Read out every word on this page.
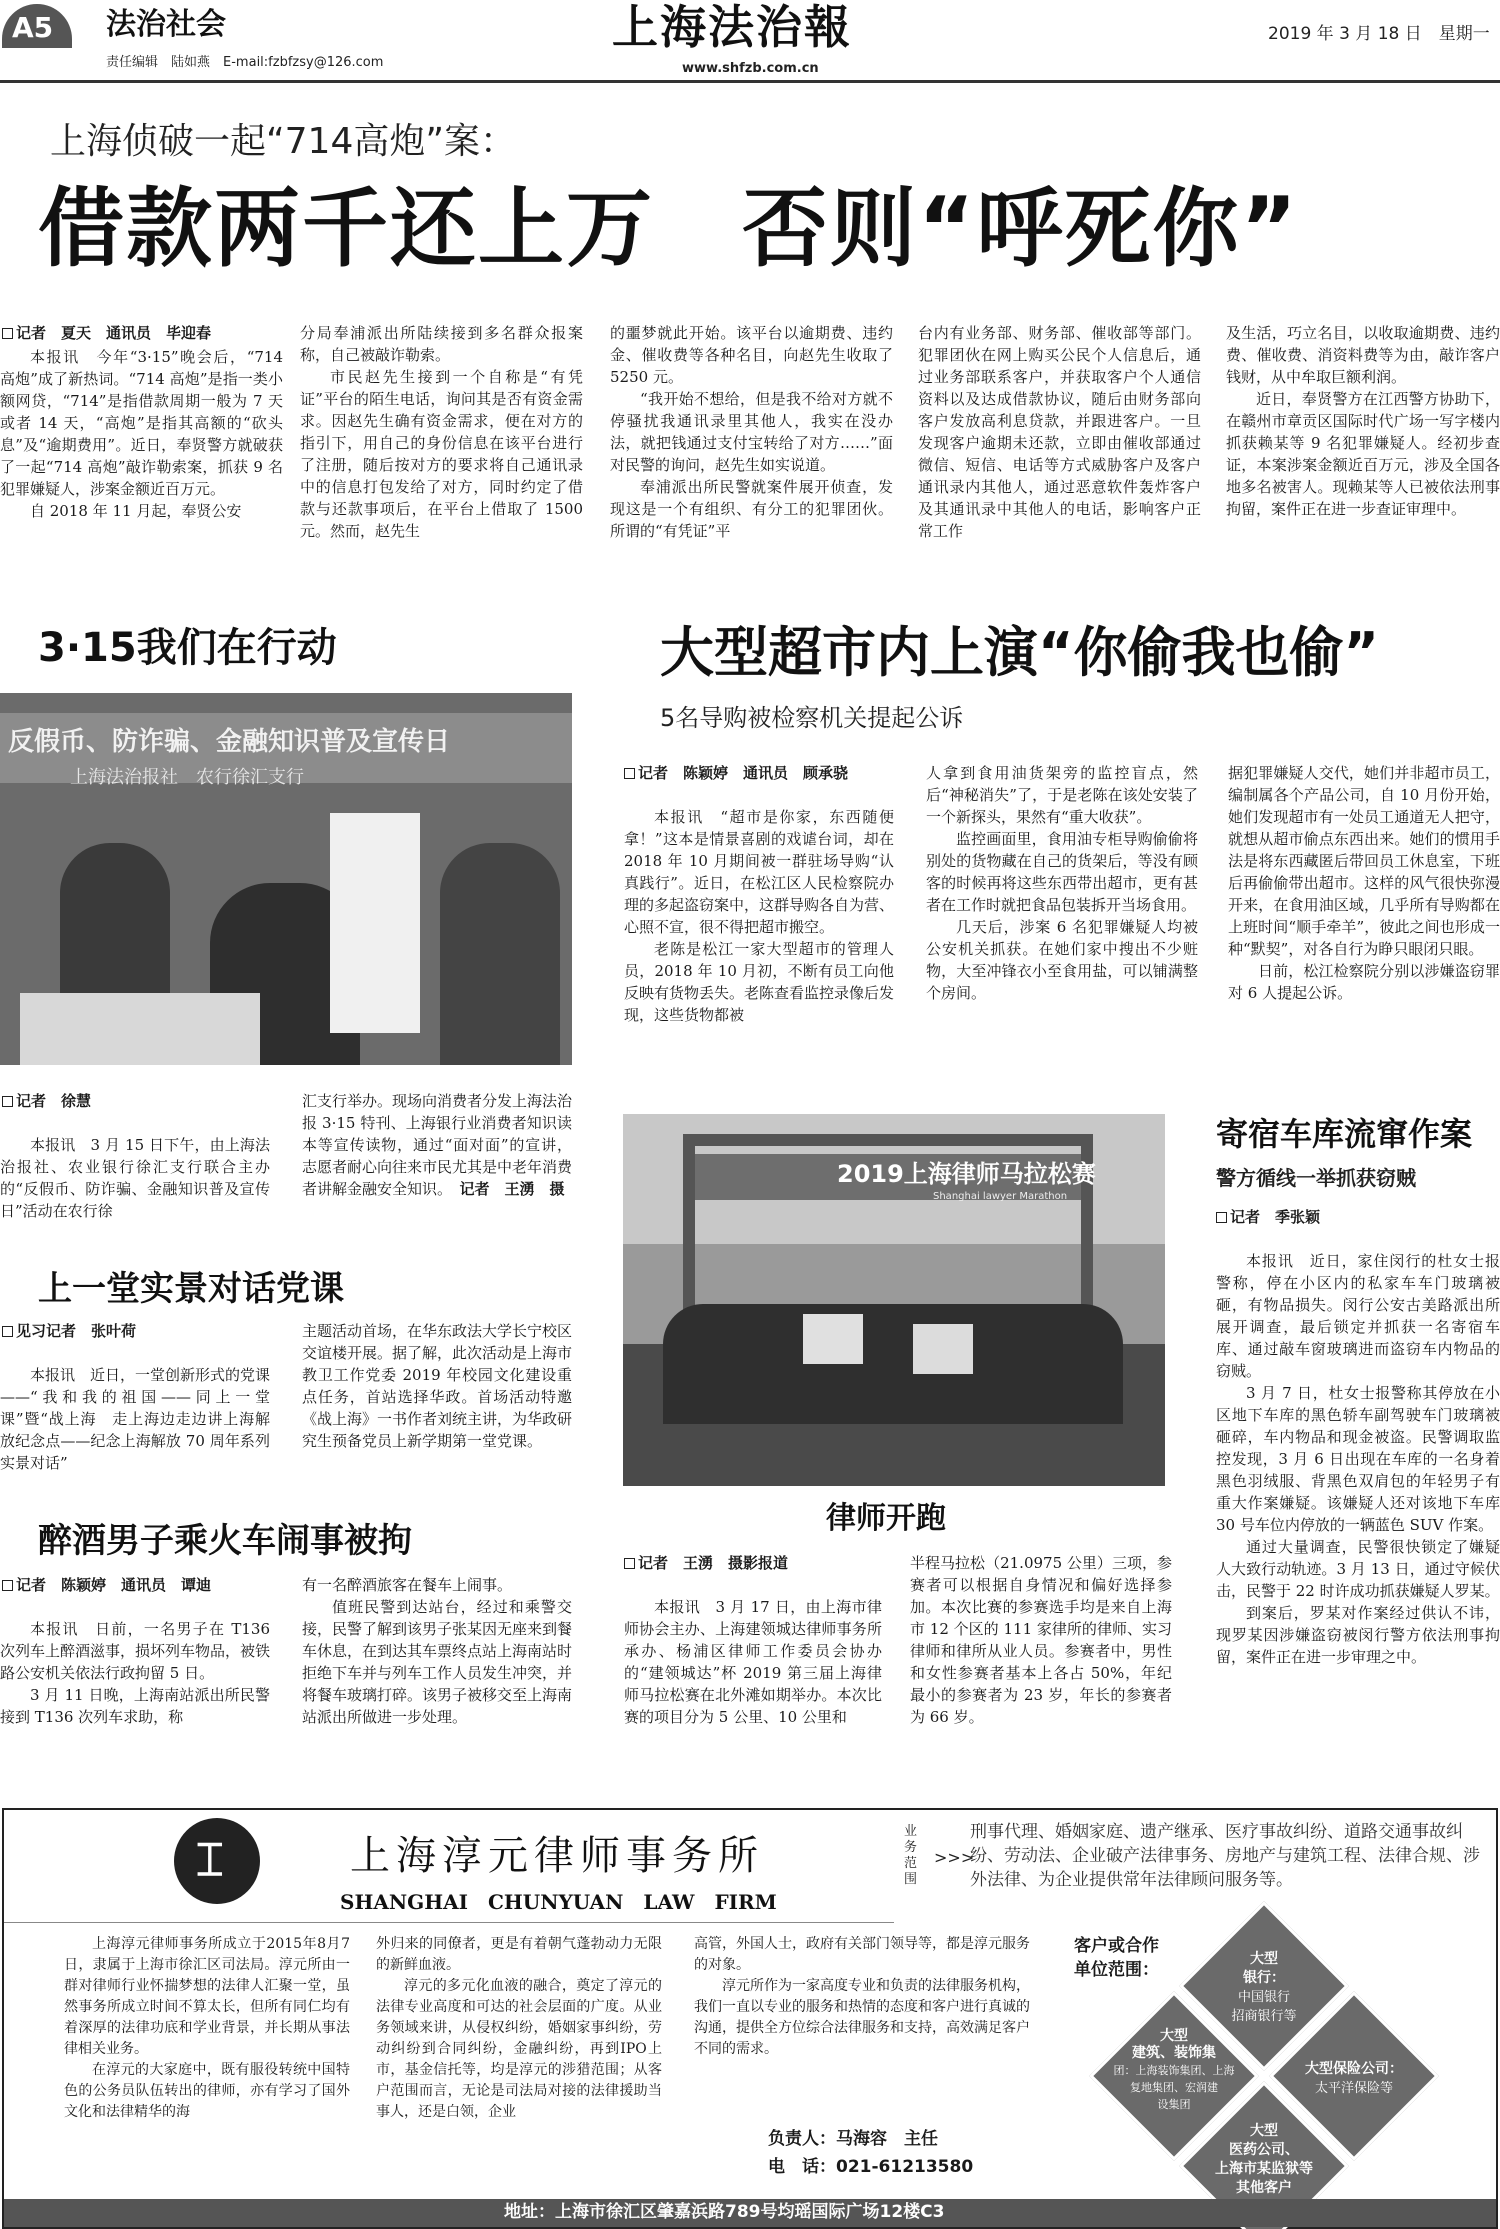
A5 法治社会
责任编辑　陆如燕　 E-mail:fzbfzsy@126.com
上海法治報
www.shfzb.com.cn
2019 年 3 月 18 日　星期一
上海侦破一起“714高炮”案：
借款两千还上万　否则“呼死你”
记者　夏天　通讯员　毕迎春

本报讯　今年“3·15”晚会后，“714 高炮”成了新热词。“714 高炮”是指一类小额网贷，“714”是指借款周期一般为 7 天或者 14 天，“高炮”是指其高额的“砍头息”及“逾期费用”。近日，奉贤警方就破获了一起“714 高炮”敲诈勒索案，抓获 9 名犯罪嫌疑人，涉案金额近百万元。

自 2018 年 11 月起，奉贤公安

分局奉浦派出所陆续接到多名群众报案称，自己被敲诈勒索。

市民赵先生接到一个自称是“有凭证”平台的陌生电话，询问其是否有资金需求。因赵先生确有资金需求，便在对方的指引下，用自己的身份信息在该平台进行了注册，随后按对方的要求将自己通讯录中的信息打包发给了对方，同时约定了借款与还款事项后，在平台上借取了 1500 元。然而，赵先生

的噩梦就此开始。该平台以逾期费、违约金、催收费等各种名目，向赵先生收取了 5250 元。

“我开始不想给，但是我不给对方就不停骚扰我通讯录里其他人，我实在没办法，就把钱通过支付宝转给了对方……”面对民警的询问，赵先生如实说道。

奉浦派出所民警就案件展开侦查，发现这是一个有组织、有分工的犯罪团伙。所谓的“有凭证”平

台内有业务部、财务部、催收部等部门。犯罪团伙在网上购买公民个人信息后，通过业务部联系客户，并获取客户个人通信资料以及达成借款协议，随后由财务部向客户发放高利息贷款，并跟进客户。一旦发现客户逾期未还款，立即由催收部通过微信、短信、电话等方式威胁客户及客户通讯录内其他人，通过恶意软件轰炸客户及其通讯录中其他人的电话，影响客户正常工作

及生活，巧立名目，以收取逾期费、违约费、催收费、消资料费等为由，敲诈客户钱财，从中牟取巨额利润。

近日，奉贤警方在江西警方协助下，在赣州市章贡区国际时代广场一写字楼内抓获赖某等 9 名犯罪嫌疑人。经初步查证，本案涉案金额近百万元，涉及全国各地多名被害人。现赖某等人已被依法刑事拘留，案件正在进一步查证审理中。

3·15我们在行动
反假币、防诈骗、金融知识普及宣传日
上海法治报社　农行徐汇支行
记者　徐慧

本报讯　3 月 15 日下午，由上海法治报社、农业银行徐汇支行联合主办的“反假币、防诈骗、金融知识普及宣传日”活动在农行徐

汇支行举办。现场向消费者分发上海法治报 3·15 特刊、上海银行业消费者知识读本等宣传读物，通过“面对面”的宣讲，志愿者耐心向往来市民尤其是中老年消费者讲解金融安全知识。　 记者　王湧　摄

上一堂实景对话党课
见习记者　张叶荷

本报讯　近日，一堂创新形式的党课——“我和我的祖国——同上一堂课”暨“战上海　走上海边走边讲上海解放纪念点——纪念上海解放 70 周年系列实景对话”

主题活动首场，在华东政法大学长宁校区交谊楼开展。据了解，此次活动是上海市教卫工作党委 2019 年校园文化建设重点任务，首站选择华政。首场活动特邀《战上海》一书作者刘统主讲，为华政研究生预备党员上新学期第一堂党课。

醉酒男子乘火车闹事被拘
记者　陈颖婷　通讯员　谭迪

本报讯　日前，一名男子在 T136 次列车上醉酒滋事，损坏列车物品，被铁路公安机关依法行政拘留 5 日。

3 月 11 日晚，上海南站派出所民警接到 T136 次列车求助，称

有一名醉酒旅客在餐车上闹事。

值班民警到达站台，经过和乘警交接，民警了解到该男子张某因无座来到餐车休息，在到达其车票终点站上海南站时拒绝下车并与列车工作人员发生冲突，并将餐车玻璃打碎。该男子被移交至上海南站派出所做进一步处理。

大型超市内上演“你偷我也偷”
5名导购被检察机关提起公诉
记者　陈颖婷　通讯员　顾承骁

本报讯　“超市是你家，东西随便拿！”这本是情景喜剧的戏谑台词，却在 2018 年 10 月期间被一群驻场导购“认真践行”。近日，在松江区人民检察院办理的多起盗窃案中，这群导购各自为营、心照不宣，很不得把超市搬空。

老陈是松江一家大型超市的管理人员，2018 年 10 月初，不断有员工向他反映有货物丢失。老陈查看监控录像后发现，这些货物都被

人拿到食用油货架旁的监控盲点，然后“神秘消失”了，于是老陈在该处安装了一个新探头，果然有“重大收获”。

监控画面里，食用油专柜导购偷偷将别处的货物藏在自己的货架后，等没有顾客的时候再将这些东西带出超市，更有甚者在工作时就把食品包装拆开当场食用。

几天后，涉案 6 名犯罪嫌疑人均被公安机关抓获。在她们家中搜出不少赃物，大至冲锋衣小至食用盐，可以铺满整个房间。

据犯罪嫌疑人交代，她们并非超市员工，编制属各个产品公司，自 10 月份开始，她们发现超市有一处员工通道无人把守，就想从超市偷点东西出来。她们的惯用手法是将东西藏匿后带回员工休息室，下班后再偷偷带出超市。这样的风气很快弥漫开来，在食用油区域，几乎所有导购都在上班时间“顺手牵羊”，彼此之间也形成一种“默契”，对各自行为睁只眼闭只眼。

日前，松江检察院分别以涉嫌盗窃罪对 6 人提起公诉。

2019上海律师马拉松赛
Shanghai lawyer Marathon
律师开跑
记者　王湧　摄影报道

本报讯　3 月 17 日，由上海市律师协会主办、上海建领城达律师事务所承办、杨浦区律师工作委员会协办的“建领城达”杯 2019 第三届上海律师马拉松赛在北外滩如期举办。本次比赛的项目分为 5 公里、10 公里和

半程马拉松（21.0975 公里）三项，参赛者可以根据自身情况和偏好选择参加。本次比赛的参赛选手均是来自上海市 12 个区的 111 家律所的律师、实习律师和律所从业人员。参赛者中，男性和女性参赛者基本上各占 50%，年纪最小的参赛者为 23 岁，年长的参赛者为 66 岁。

寄宿车库流窜作案
警方循线一举抓获窃贼
记者　季张颖

本报讯　近日，家住闵行的杜女士报警称，停在小区内的私家车车门玻璃被砸，有物品损失。闵行公安古美路派出所展开调查，最后锁定并抓获一名寄宿车库、通过敲车窗玻璃进而盗窃车内物品的窃贼。

3 月 7 日，杜女士报警称其停放在小区地下车库的黑色轿车副驾驶车门玻璃被砸碎，车内物品和现金被盗。民警调取监控发现，3 月 6 日出现在车库的一名身着黑色羽绒服、背黑色双肩包的年轻男子有重大作案嫌疑。该嫌疑人还对该地下车库 30 号车位内停放的一辆蓝色 SUV 作案。

通过大量调查，民警很快锁定了嫌疑人大致行动轨迹。3 月 13 日，通过守候伏击，民警于 22 时许成功抓获嫌疑人罗某。

到案后，罗某对作案经过供认不讳，现罗某因涉嫌盗窃被闵行警方依法刑事拘留，案件正在进一步审理之中。

⌶	上海淳元律师事务所
SHANGHAI　CHUNYUAN　LAW　FIRM
业务范围
>>>
刑事代理、婚姻家庭、遗产继承、医疗事故纠纷、道路交通事故纠纷、劳动法、企业破产法律事务、房地产与建筑工程、法律合规、涉外法律、为企业提供常年法律顾问服务等。

上海淳元律师事务所成立于2015年8月7日，隶属于上海市徐汇区司法局。淳元所由一群对律师行业怀揣梦想的法律人汇聚一堂，虽然事务所成立时间不算太长，但所有同仁均有着深厚的法律功底和学业背景，并长期从事法律相关业务。

在淳元的大家庭中，既有服役转统中国特色的公务员队伍转出的律师，亦有学习了国外文化和法律精华的海

外归来的同僚者，更是有着朝气蓬勃动力无限的新鲜血液。

淳元的多元化血液的融合，奠定了淳元的法律专业高度和可达的社会层面的广度。从业务领域来讲，从侵权纠纷，婚姻家事纠纷，劳动纠纷到合同纠纷，金融纠纷，再到IPO上市，基金信托等，均是淳元的涉猎范围；从客户范围而言，无论是司法局对接的法律援助当事人，还是白领，企业

高管，外国人士，政府有关部门领导等，都是淳元服务的对象。

淳元所作为一家高度专业和负责的法律服务机构，我们一直以专业的服务和热情的态度和客户进行真诚的沟通，提供全方位综合法律服务和支持，高效满足客户不同的需求。

负责人：马海容　主任
电　话：021-61213580
客户或合作单位范围：
大型
银行：
中国银行
招商银行等
大型
建筑、装饰集
团：上海装饰集团、上海
复地集团、宏润建
设集团
大型保险公司：
太平洋保险等
大型
医药公司、
上海市某监狱等
其他客户
地址：上海市徐汇区肇嘉浜路789号均瑶国际广场12楼C3
